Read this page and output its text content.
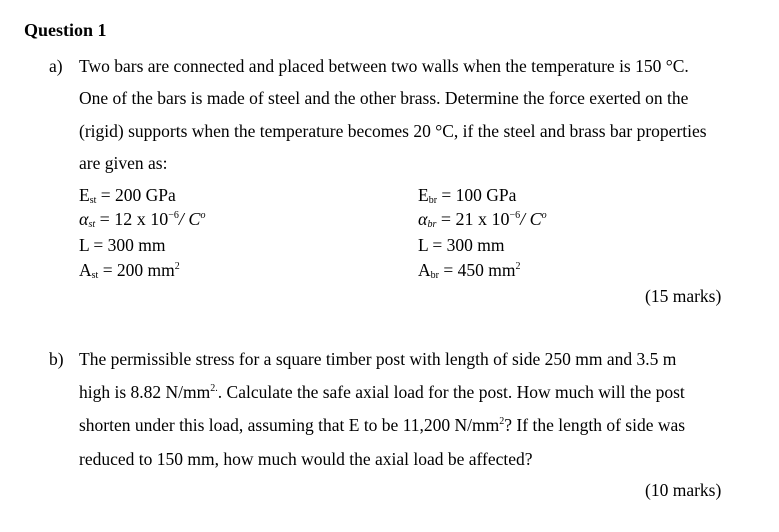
Question 1
a) Two bars are connected and placed between two walls when the temperature is 150 °C.
One of the bars is made of steel and the other brass. Determine the force exerted on the
(rigid) supports when the temperature becomes 20 °C, if the steel and brass bar properties
are given as:
$E_{st} = 200$ GPa
$\alpha_{st} = 12$ x $10^{-6}/$ $C^o$
L = 300 mm
$A_{st} = 200$ $mm^2$
$E_{br} = 100$ GPa
$\alpha_{br} = 21$ x $10^{-6}/$ $C^o$
L = 300 mm
$A_{br} = 450$ $mm^2$
(15 marks)
b) The permissible stress for a square timber post with length of side 250 mm and 3.5 m
high is 8.82 $N/mm^{2.}$. Calculate the safe axial load for the post. How much will the post
shorten under this load, assuming that E to be 11,200 $N/mm^2$? If the length of side was
reduced to 150 mm, how much would the axial load be affected?
(10 marks)
